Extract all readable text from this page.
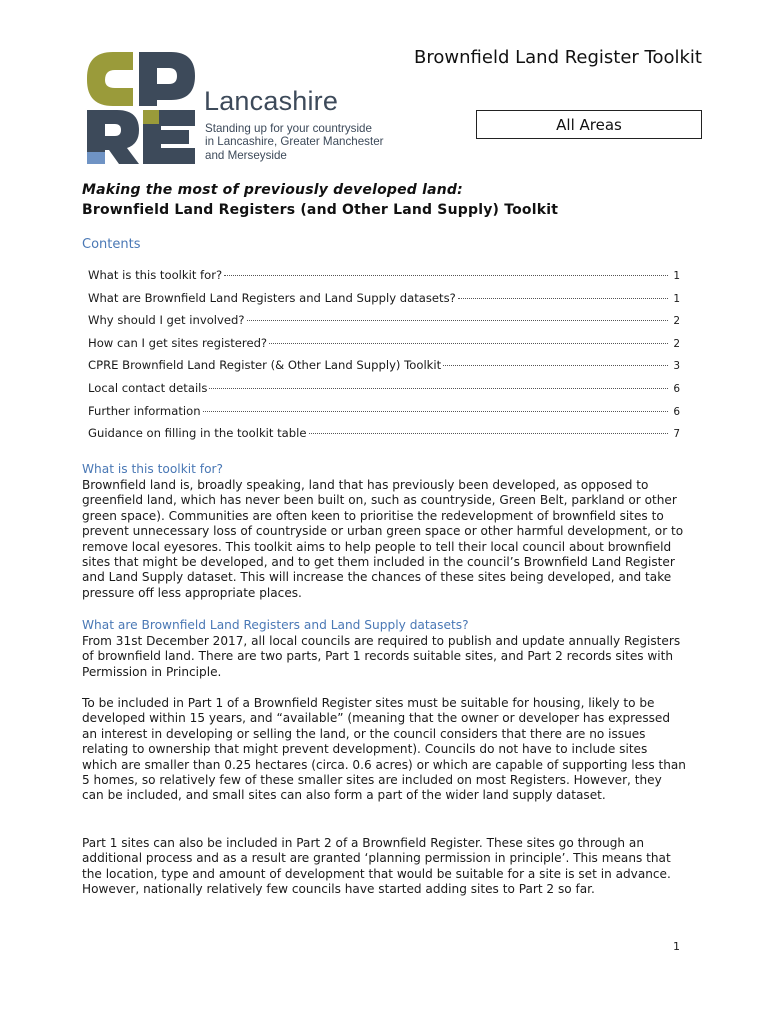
Lancashire
Standing up for your countryside
in Lancashire, Greater Manchester
and Merseyside
Brownfield Land Register Toolkit
All Areas
Making the most of previously developed land:
Brownfield Land Registers (and Other Land Supply) Toolkit
Contents
What is this toolkit for?	1
What are Brownfield Land Registers and Land Supply datasets?	1
Why should I get involved?	2
How can I get sites registered?	2
CPRE Brownfield Land Register (& Other Land Supply) Toolkit	3
Local contact details	6
Further information	6
Guidance on filling in the toolkit table	7
What is this toolkit for?
Brownfield land is, broadly speaking, land that has previously been developed, as opposed to greenfield land, which has never been built on, such as countryside, Green Belt, parkland or other green space). Communities are often keen to prioritise the redevelopment of brownfield sites to prevent unnecessary loss of countryside or urban green space or other harmful development, or to remove local eyesores. This toolkit aims to help people to tell their local council about brownfield sites that might be developed, and to get them included in the council’s Brownfield Land Register and Land Supply dataset. This will increase the chances of these sites being developed, and take pressure off less appropriate places.
What are Brownfield Land Registers and Land Supply datasets?
From 31st December 2017, all local councils are required to publish and update annually Registers of brownfield land. There are two parts, Part 1 records suitable sites, and Part 2 records sites with Permission in Principle.
To be included in Part 1 of a Brownfield Register sites must be suitable for housing, likely to be developed within 15 years, and “available” (meaning that the owner or developer has expressed an interest in developing or selling the land, or the council considers that there are no issues relating to ownership that might prevent development). Councils do not have to include sites which are smaller than 0.25 hectares (circa. 0.6 acres) or which are capable of supporting less than 5 homes, so relatively few of these smaller sites are included on most Registers. However, they can be included, and small sites can also form a part of the wider land supply dataset.
Part 1 sites can also be included in Part 2 of a Brownfield Register. These sites go through an additional process and as a result are granted ‘planning permission in principle’. This means that the location, type and amount of development that would be suitable for a site is set in advance. However, nationally relatively few councils have started adding sites to Part 2 so far.
1
